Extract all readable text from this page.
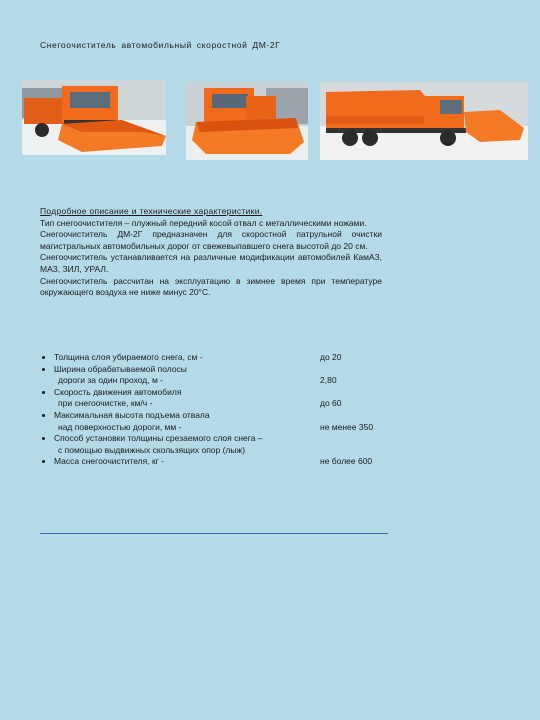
Снегоочиститель автомобильный скоростной ДМ-2Г

Подробное описание и технические характеристики.

Тип снегоочистителя – плужный передний косой отвал с металлическими ножами.

Снегоочиститель ДМ-2Г предназначен для скоростной патрульной очистки магистральных автомобильных дорог от свежевыпавшего снега высотой до 20 см.

Снегоочиститель устанавливается на различные модификации автомобилей КамАЗ, МАЗ, ЗИЛ, УРАЛ.

Снегоочиститель рассчитан на эксплуатацию в зимнее время при температуре окружающего воздуха не ниже минус 20°С.

Толщина слоя убираемого снега, см -	до 20
Ширина обрабатываемой полосы
дороги за один проход, м -	2,80
Скорость движения автомобиля
при снегоочистке, км/ч -	до 60
Максимальная высота подъема отвала
над поверхностью дороги, мм -	не менее 350
Способ установки толщины срезаемого слоя снега –
с помощью выдвижных скользящих опор (лыж)
Масса снегоочистителя, кг -	не более 600
